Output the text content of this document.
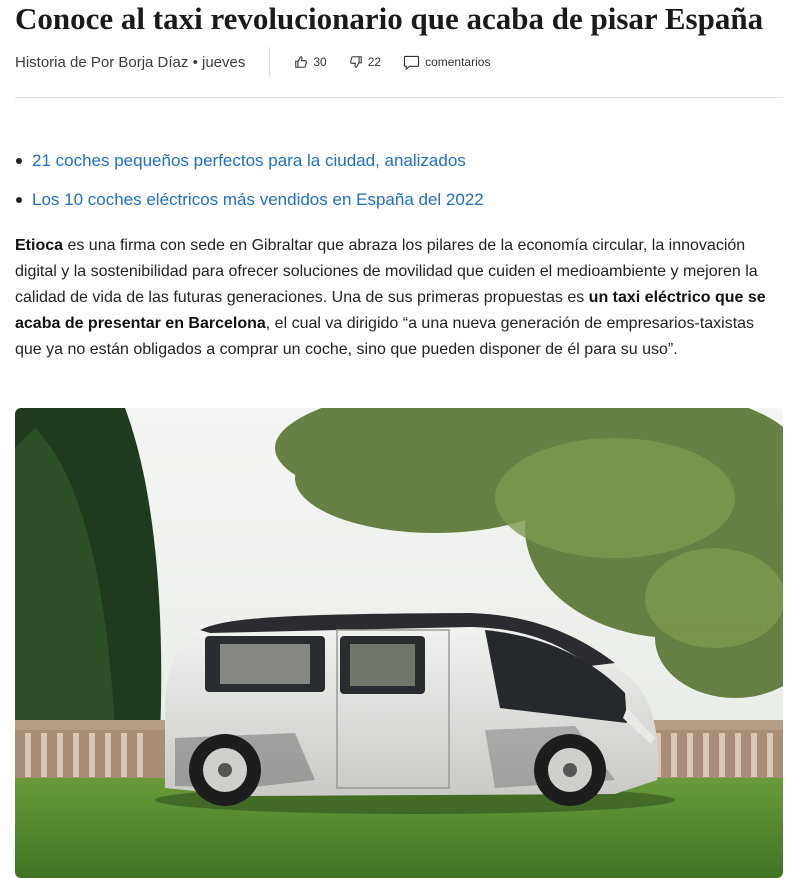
Conoce al taxi revolucionario que acaba de pisar España
Historia de Por Borja Díaz • jueves	30	22	comentarios
21 coches pequeños perfectos para la ciudad, analizados
Los 10 coches eléctricos más vendidos en España del 2022

Etioca es una firma con sede en Gibraltar que abraza los pilares de la economía circular, la innovación digital y la sostenibilidad para ofrecer soluciones de movilidad que cuiden el medioambiente y mejoren la calidad de vida de las futuras generaciones. Una de sus primeras propuestas es un taxi eléctrico que se acaba de presentar en Barcelona, el cual va dirigido “a una nueva generación de empresarios-taxistas que ya no están obligados a comprar un coche, sino que pueden disponer de él para su uso”.
